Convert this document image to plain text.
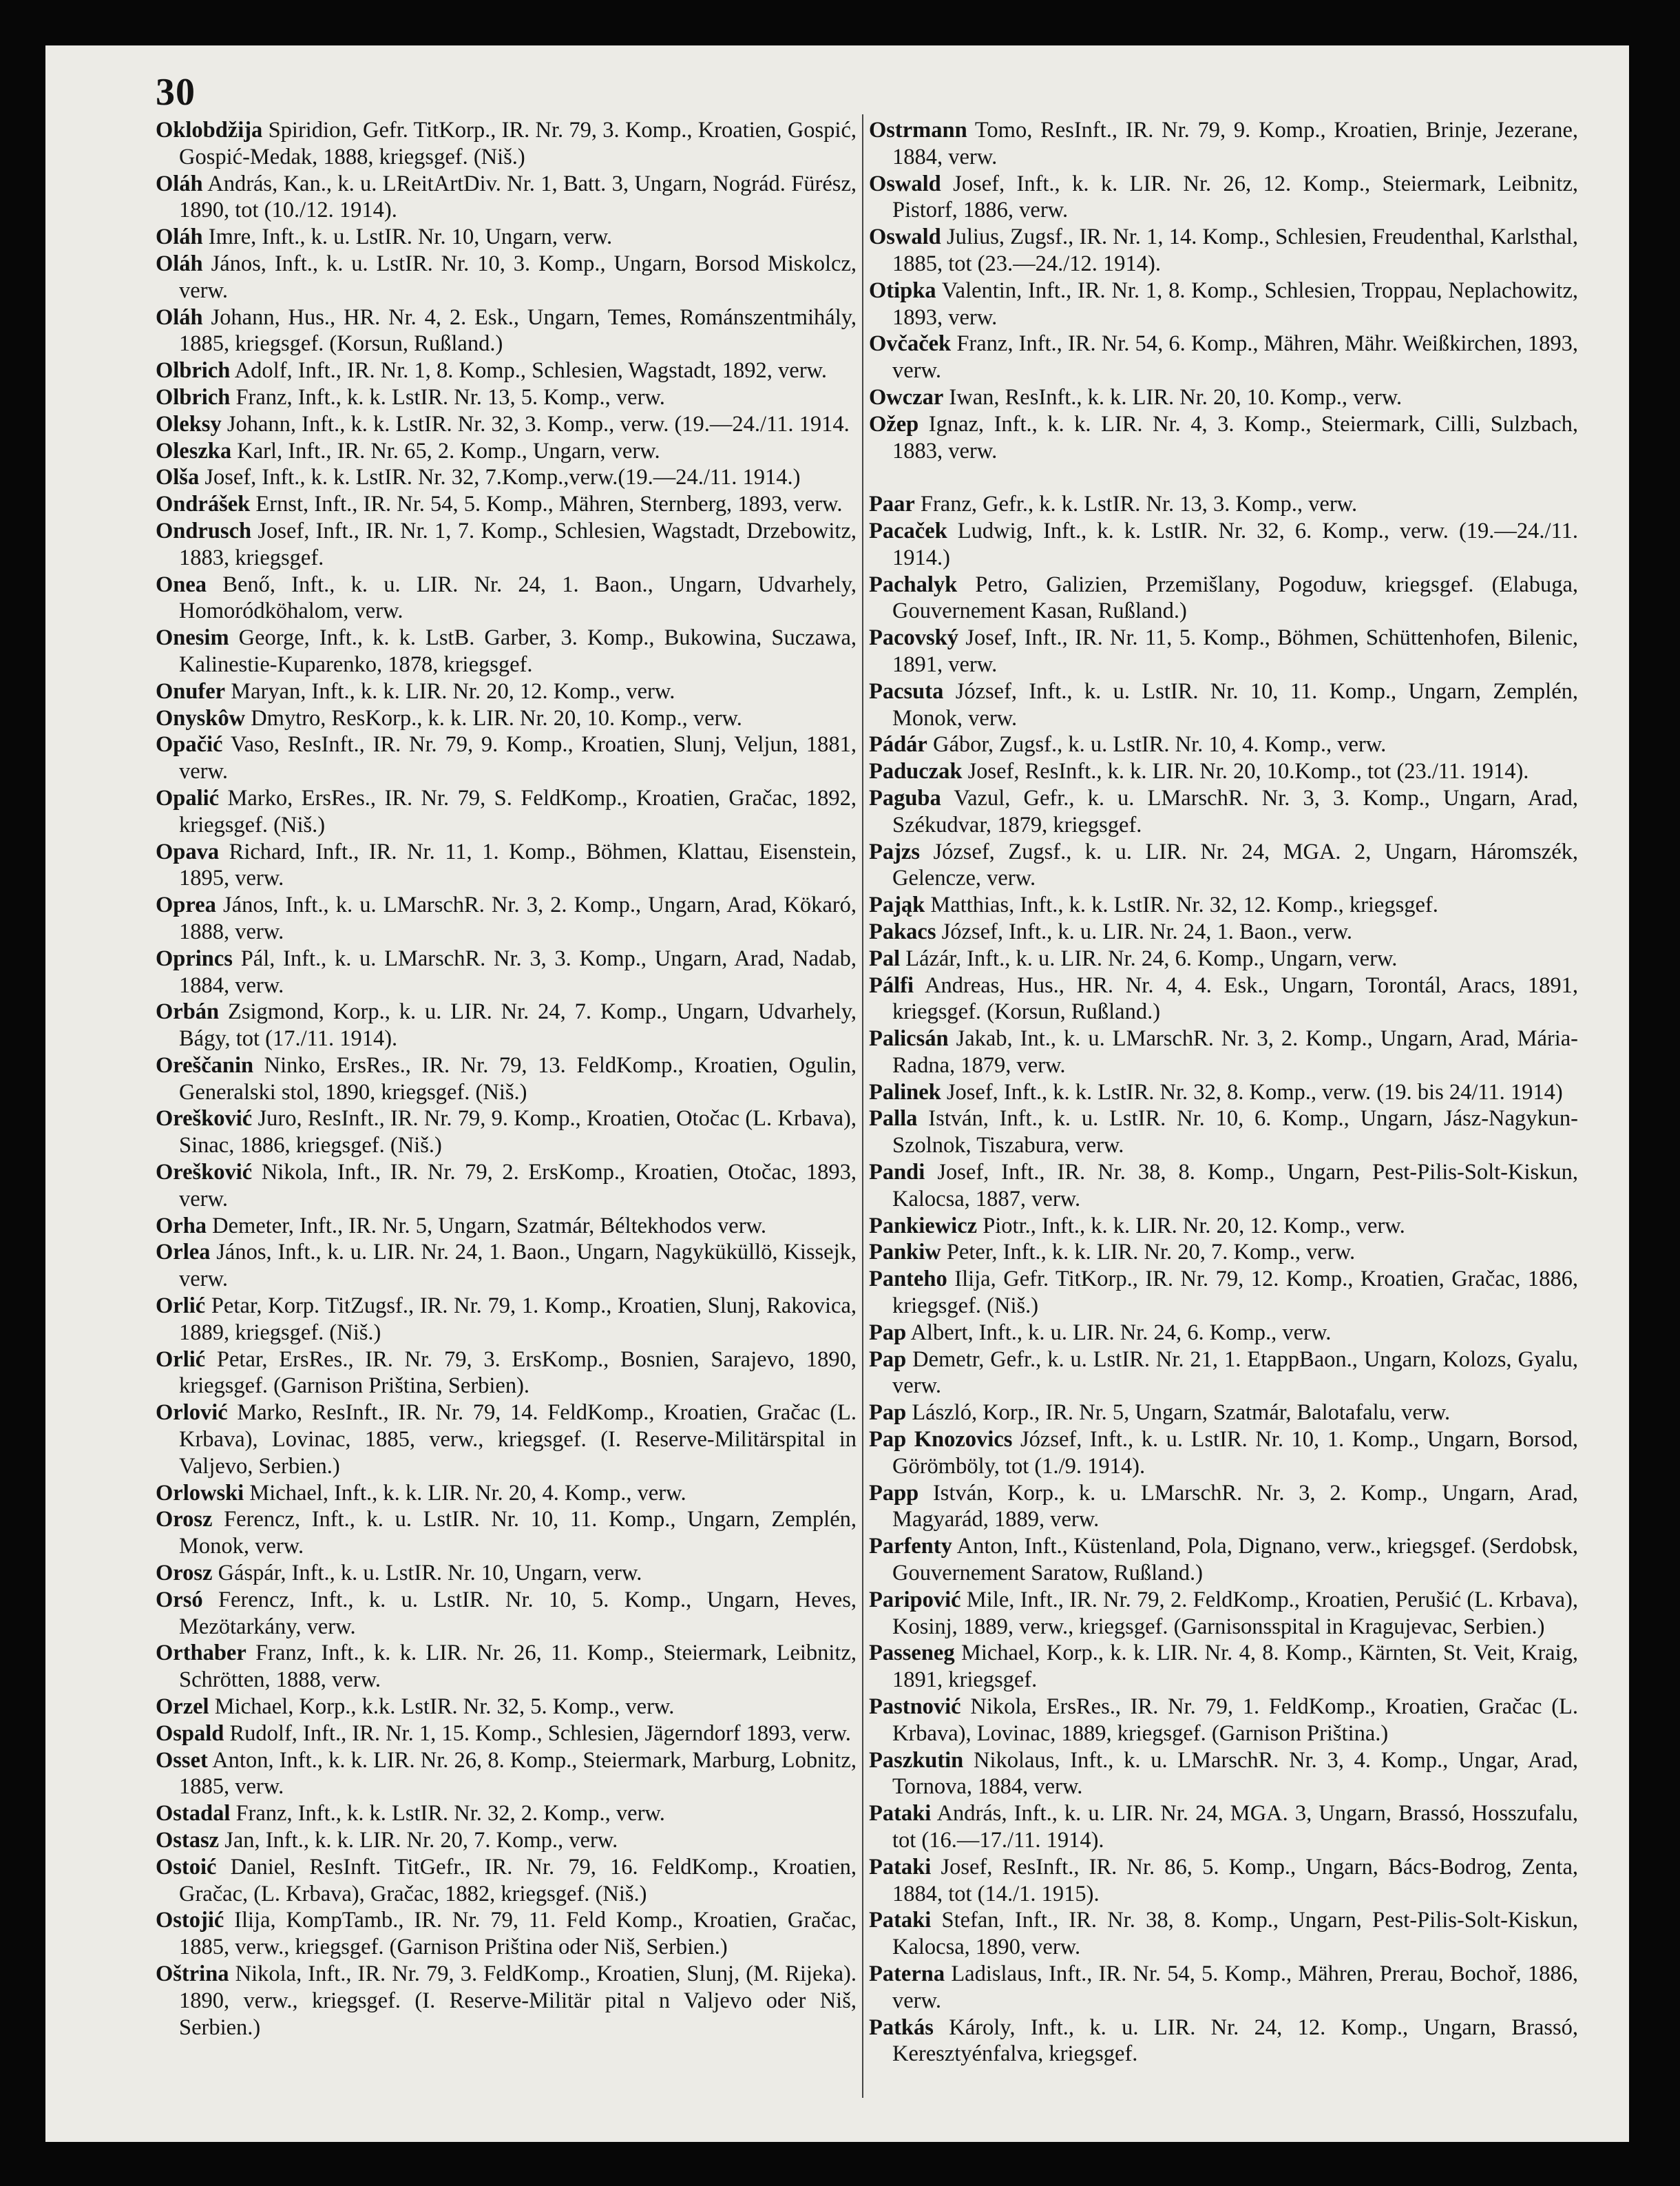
30
Oklobdžija Spiridion, Gefr. TitKorp., IR. Nr. 79, 3. Komp., Kroatien, Gospić, Gospić-Medak, 1888, kriegsgef. (Niš.)
Oláh András, Kan., k. u. LReitArtDiv. Nr. 1, Batt. 3, Ungarn, Nográd. Fürész, 1890, tot (10./12. 1914).
Oláh Imre, Inft., k. u. LstIR. Nr. 10, Ungarn, verw.
Oláh János, Inft., k. u. LstIR. Nr. 10, 3. Komp., Ungarn, Borsod Miskolcz, verw.
Oláh Johann, Hus., HR. Nr. 4, 2. Esk., Ungarn, Temes, Románszentmihály, 1885, kriegsgef. (Korsun, Rußland.)
Olbrich Adolf, Inft., IR. Nr. 1, 8. Komp., Schlesien, Wagstadt, 1892, verw.
Olbrich Franz, Inft., k. k. LstIR. Nr. 13, 5. Komp., verw.
Oleksy Johann, Inft., k. k. LstIR. Nr. 32, 3. Komp., verw. (19.—24./11. 1914.
Oleszka Karl, Inft., IR. Nr. 65, 2. Komp., Ungarn, verw.
Olša Josef, Inft., k. k. LstIR. Nr. 32, 7.Komp.,verw.(19.—24./11. 1914.)
Ondrášek Ernst, Inft., IR. Nr. 54, 5. Komp., Mähren, Sternberg, 1893, verw.
Ondrusch Josef, Inft., IR. Nr. 1, 7. Komp., Schlesien, Wagstadt, Drzebowitz, 1883, kriegsgef.
Onea Benő, Inft., k. u. LIR. Nr. 24, 1. Baon., Ungarn, Udvarhely, Homoródköhalom, verw.
Onesim George, Inft., k. k. LstB. Garber, 3. Komp., Bukowina, Suczawa, Kalinestie-Kuparenko, 1878, kriegsgef.
Onufer Maryan, Inft., k. k. LIR. Nr. 20, 12. Komp., verw.
Onyskôw Dmytro, ResKorp., k. k. LIR. Nr. 20, 10. Komp., verw.
Opačić Vaso, ResInft., IR. Nr. 79, 9. Komp., Kroatien, Slunj, Veljun, 1881, verw.
Opalić Marko, ErsRes., IR. Nr. 79, S. FeldKomp., Kroatien, Gračac, 1892, kriegsgef. (Niš.)
Opava Richard, Inft., IR. Nr. 11, 1. Komp., Böhmen, Klattau, Eisenstein, 1895, verw.
Oprea János, Inft., k. u. LMarschR. Nr. 3, 2. Komp., Ungarn, Arad, Kökaró, 1888, verw.
Oprincs Pál, Inft., k. u. LMarschR. Nr. 3, 3. Komp., Ungarn, Arad, Nadab, 1884, verw.
Orbán Zsigmond, Korp., k. u. LIR. Nr. 24, 7. Komp., Ungarn, Udvarhely, Bágy, tot (17./11. 1914).
Oreščanin Ninko, ErsRes., IR. Nr. 79, 13. FeldKomp., Kroatien, Ogulin, Generalski stol, 1890, kriegsgef. (Niš.)
Orešković Juro, ResInft., IR. Nr. 79, 9. Komp., Kroatien, Otočac (L. Krbava), Sinac, 1886, kriegsgef. (Niš.)
Orešković Nikola, Inft., IR. Nr. 79, 2. ErsKomp., Kroatien, Otočac, 1893, verw.
Orha Demeter, Inft., IR. Nr. 5, Ungarn, Szatmár, Béltekhodos verw.
Orlea János, Inft., k. u. LIR. Nr. 24, 1. Baon., Ungarn, Nagyküküllö, Kissejk, verw.
Orlić Petar, Korp. TitZugsf., IR. Nr. 79, 1. Komp., Kroatien, Slunj, Rakovica, 1889, kriegsgef. (Niš.)
Orlić Petar, ErsRes., IR. Nr. 79, 3. ErsKomp., Bosnien, Sarajevo, 1890, kriegsgef. (Garnison Priština, Serbien).
Orlović Marko, ResInft., IR. Nr. 79, 14. FeldKomp., Kroatien, Gračac (L. Krbava), Lovinac, 1885, verw., kriegsgef. (I. Reserve-Militärspital in Valjevo, Serbien.)
Orlowski Michael, Inft., k. k. LIR. Nr. 20, 4. Komp., verw.
Orosz Ferencz, Inft., k. u. LstIR. Nr. 10, 11. Komp., Ungarn, Zemplén, Monok, verw.
Orosz Gáspár, Inft., k. u. LstIR. Nr. 10, Ungarn, verw.
Orsó Ferencz, Inft., k. u. LstIR. Nr. 10, 5. Komp., Ungarn, Heves, Mezötarkány, verw.
Orthaber Franz, Inft., k. k. LIR. Nr. 26, 11. Komp., Steiermark, Leibnitz, Schrötten, 1888, verw.
Orzel Michael, Korp., k.k. LstIR. Nr. 32, 5. Komp., verw.
Ospald Rudolf, Inft., IR. Nr. 1, 15. Komp., Schlesien, Jägerndorf 1893, verw.
Osset Anton, Inft., k. k. LIR. Nr. 26, 8. Komp., Steiermark, Marburg, Lobnitz, 1885, verw.
Ostadal Franz, Inft., k. k. LstIR. Nr. 32, 2. Komp., verw.
Ostasz Jan, Inft., k. k. LIR. Nr. 20, 7. Komp., verw.
Ostoić Daniel, ResInft. TitGefr., IR. Nr. 79, 16. FeldKomp., Kroatien, Gračac, (L. Krbava), Gračac, 1882, kriegsgef. (Niš.)
Ostojić Ilija, KompTamb., IR. Nr. 79, 11. Feld Komp., Kroatien, Gračac, 1885, verw., kriegsgef. (Garnison Priština oder Niš, Serbien.)
Oštrina Nikola, Inft., IR. Nr. 79, 3. FeldKomp., Kroatien, Slunj, (M. Rijeka). 1890, verw., kriegsgef. (I. Reserve-Militär pital n Valjevo oder Niš, Serbien.)
Ostrmann Tomo, ResInft., IR. Nr. 79, 9. Komp., Kroatien, Brinje, Jezerane, 1884, verw.
Oswald Josef, Inft., k. k. LIR. Nr. 26, 12. Komp., Steiermark, Leibnitz, Pistorf, 1886, verw.
Oswald Julius, Zugsf., IR. Nr. 1, 14. Komp., Schlesien, Freudenthal, Karlsthal, 1885, tot (23.—24./12. 1914).
Otipka Valentin, Inft., IR. Nr. 1, 8. Komp., Schlesien, Troppau, Neplachowitz, 1893, verw.
Ovčaček Franz, Inft., IR. Nr. 54, 6. Komp., Mähren, Mähr. Weißkirchen, 1893, verw.
Owczar Iwan, ResInft., k. k. LIR. Nr. 20, 10. Komp., verw.
Ožep Ignaz, Inft., k. k. LIR. Nr. 4, 3. Komp., Steiermark, Cilli, Sulzbach, 1883, verw.
Paar Franz, Gefr., k. k. LstIR. Nr. 13, 3. Komp., verw.
Pacaček Ludwig, Inft., k. k. LstIR. Nr. 32, 6. Komp., verw. (19.—24./11. 1914.)
Pachalyk Petro, Galizien, Przemišlany, Pogoduw, kriegsgef. (Elabuga, Gouvernement Kasan, Rußland.)
Pacovský Josef, Inft., IR. Nr. 11, 5. Komp., Böhmen, Schüttenhofen, Bilenic, 1891, verw.
Pacsuta József, Inft., k. u. LstIR. Nr. 10, 11. Komp., Ungarn, Zemplén, Monok, verw.
Pádár Gábor, Zugsf., k. u. LstIR. Nr. 10, 4. Komp., verw.
Paduczak Josef, ResInft., k. k. LIR. Nr. 20, 10.Komp., tot (23./11. 1914).
Paguba Vazul, Gefr., k. u. LMarschR. Nr. 3, 3. Komp., Ungarn, Arad, Székudvar, 1879, kriegsgef.
Pajzs József, Zugsf., k. u. LIR. Nr. 24, MGA. 2, Ungarn, Háromszék, Gelencze, verw.
Pająk Matthias, Inft., k. k. LstIR. Nr. 32, 12. Komp., kriegsgef.
Pakacs József, Inft., k. u. LIR. Nr. 24, 1. Baon., verw.
Pal Lázár, Inft., k. u. LIR. Nr. 24, 6. Komp., Ungarn, verw.
Pálfi Andreas, Hus., HR. Nr. 4, 4. Esk., Ungarn, Torontál, Aracs, 1891, kriegsgef. (Korsun, Rußland.)
Palicsán Jakab, Int., k. u. LMarschR. Nr. 3, 2. Komp., Ungarn, Arad, Mária-Radna, 1879, verw.
Palinek Josef, Inft., k. k. LstIR. Nr. 32, 8. Komp., verw. (19. bis 24/11. 1914)
Palla István, Inft., k. u. LstIR. Nr. 10, 6. Komp., Ungarn, Jász-Nagykun-Szolnok, Tiszabura, verw.
Pandi Josef, Inft., IR. Nr. 38, 8. Komp., Ungarn, Pest-Pilis-Solt-Kiskun, Kalocsa, 1887, verw.
Pankiewicz Piotr., Inft., k. k. LIR. Nr. 20, 12. Komp., verw.
Pankiw Peter, Inft., k. k. LIR. Nr. 20, 7. Komp., verw.
Panteho Ilija, Gefr. TitKorp., IR. Nr. 79, 12. Komp., Kroatien, Gračac, 1886, kriegsgef. (Niš.)
Pap Albert, Inft., k. u. LIR. Nr. 24, 6. Komp., verw.
Pap Demetr, Gefr., k. u. LstIR. Nr. 21, 1. EtappBaon., Ungarn, Kolozs, Gyalu, verw.
Pap László, Korp., IR. Nr. 5, Ungarn, Szatmár, Balotafalu, verw.
Pap Knozovics József, Inft., k. u. LstIR. Nr. 10, 1. Komp., Ungarn, Borsod, Görömböly, tot (1./9. 1914).
Papp István, Korp., k. u. LMarschR. Nr. 3, 2. Komp., Ungarn, Arad, Magyarád, 1889, verw.
Parfenty Anton, Inft., Küstenland, Pola, Dignano, verw., kriegsgef. (Serdobsk, Gouvernement Saratow, Rußland.)
Paripović Mile, Inft., IR. Nr. 79, 2. FeldKomp., Kroatien, Perušić (L. Krbava), Kosinj, 1889, verw., kriegsgef. (Garnisonsspital in Kragujevac, Serbien.)
Passeneg Michael, Korp., k. k. LIR. Nr. 4, 8. Komp., Kärnten, St. Veit, Kraig, 1891, kriegsgef.
Pastnović Nikola, ErsRes., IR. Nr. 79, 1. FeldKomp., Kroatien, Gračac (L. Krbava), Lovinac, 1889, kriegsgef. (Garnison Priština.)
Paszkutin Nikolaus, Inft., k. u. LMarschR. Nr. 3, 4. Komp., Ungar, Arad, Tornova, 1884, verw.
Pataki András, Inft., k. u. LIR. Nr. 24, MGA. 3, Ungarn, Brassó, Hosszufalu, tot (16.—17./11. 1914).
Pataki Josef, ResInft., IR. Nr. 86, 5. Komp., Ungarn, Bács-Bodrog, Zenta, 1884, tot (14./1. 1915).
Pataki Stefan, Inft., IR. Nr. 38, 8. Komp., Ungarn, Pest-Pilis-Solt-Kiskun, Kalocsa, 1890, verw.
Paterna Ladislaus, Inft., IR. Nr. 54, 5. Komp., Mähren, Prerau, Bochoř, 1886, verw.
Patkás Károly, Inft., k. u. LIR. Nr. 24, 12. Komp., Ungarn, Brassó, Keresztyénfalva, kriegsgef.
